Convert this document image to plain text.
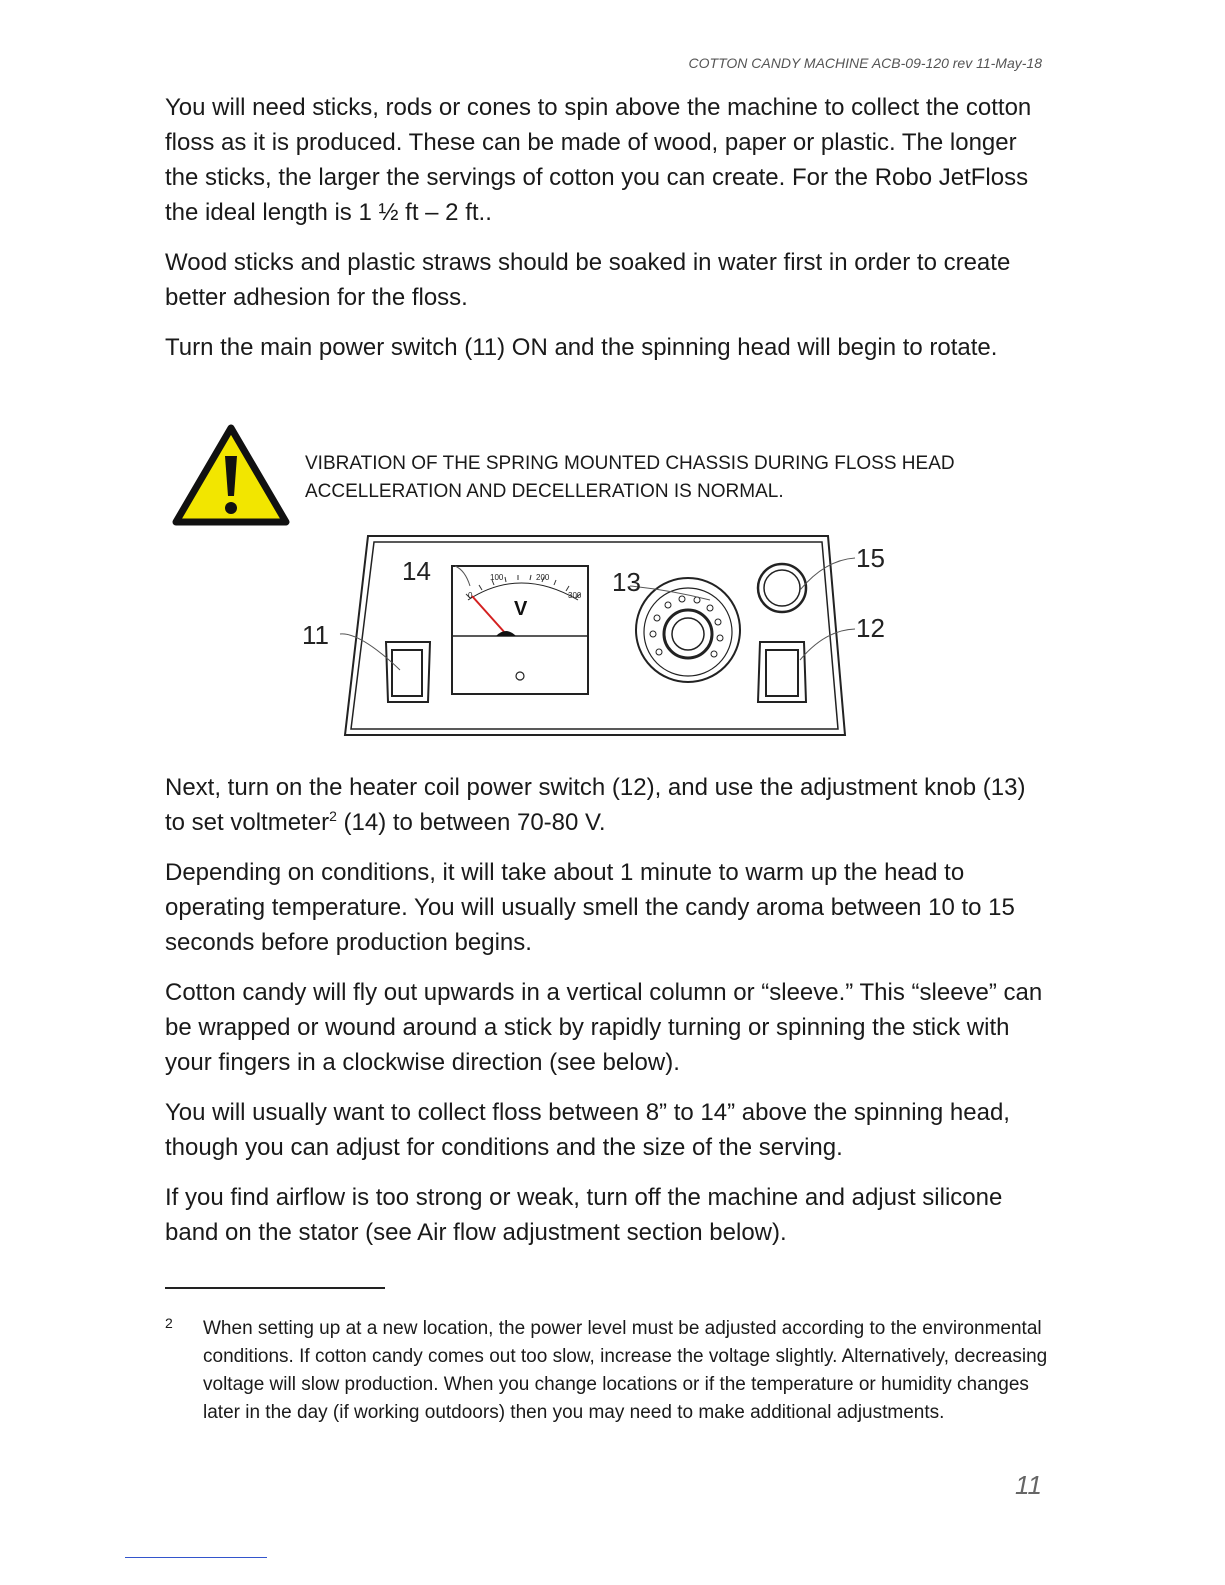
COTTON CANDY MACHINE ACB-09-120 rev 11-May-18

You will need sticks, rods or cones to spin above the machine to collect the cotton floss as it is produced. These can be made of wood, paper or plastic. The longer the sticks, the larger the servings of cotton you can create. For the Robo JetFloss the ideal length is 1 ½ ft – 2 ft..

Wood sticks and plastic straws should be soaked in water first in order to create better adhesion for the floss.

Turn the main power switch (11) ON and the spinning head will begin to rotate.

VIBRATION OF THE SPRING MOUNTED CHASSIS DURING FLOSS HEAD ACCELLERATION AND DECELLERATION IS NORMAL.
0
100	200
300
V
11
14	13
15
12

Next, turn on the heater coil power switch (12), and use the adjustment knob (13) to set voltmeter$^2$ (14) to between 70-80 V.

Depending on conditions, it will take about 1 minute to warm up the head to operating temperature. You will usually smell the candy aroma between 10 to 15 seconds before production begins.

Cotton candy will fly out upwards in a vertical column or “sleeve.” This “sleeve” can be wrapped or wound around a stick by rapidly turning or spinning the stick with your fingers in a clockwise direction (see below).

You will usually want to collect floss between 8” to 14” above the spinning head, though you can adjust for conditions and the size of the serving.

If you find airflow is too strong or weak, turn off the machine and adjust silicone band on the stator (see Air flow adjustment section below).

2 When setting up at a new location, the power level must be adjusted according to the environmental conditions. If cotton candy comes out too slow, increase the voltage slightly. Alternatively, decreasing voltage will slow production. When you change locations or if the temperature or humidity changes later in the day (if working outdoors) then you may need to make additional adjustments.
11
